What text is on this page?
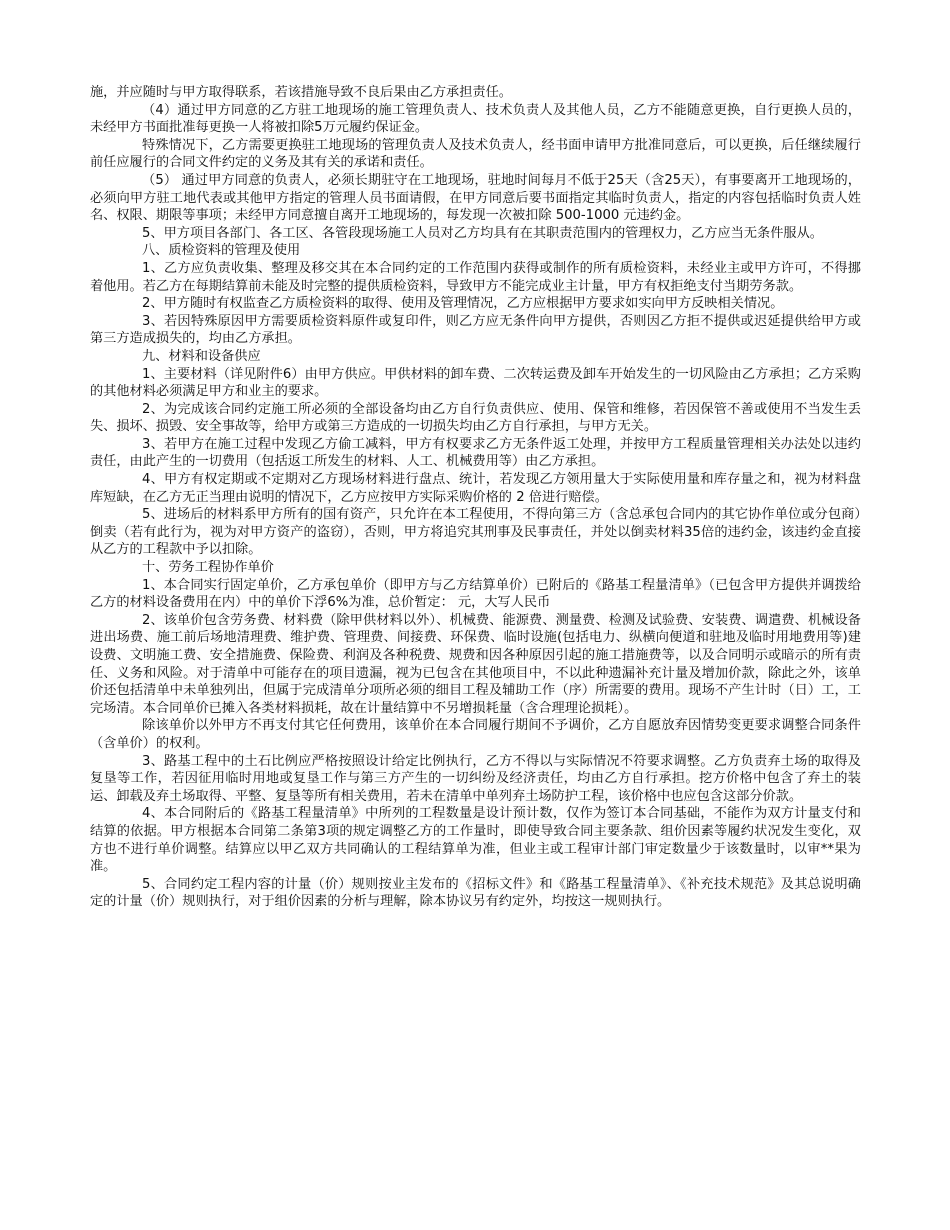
施，并应随时与甲方取得联系，若该措施导致不良后果由乙方承担责任。

（4）通过甲方同意的乙方驻工地现场的施工管理负责人、技术负责人及其他人员，乙方不能随意更换，自行更换人员的，未经甲方书面批准每更换一人将被扣除5万元履约保证金。

特殊情况下，乙方需要更换驻工地现场的管理负责人及技术负责人，经书面申请甲方批准同意后，可以更换，后任继续履行前任应履行的合同文件约定的义务及其有关的承诺和责任。

（5） 通过甲方同意的负责人，必须长期驻守在工地现场，驻地时间每月不低于25天（含25天），有事要离开工地现场的，必须向甲方驻工地代表或其他甲方指定的管理人员书面请假，在甲方同意后要书面指定其临时负责人，指定的内容包括临时负责人姓名、权限、期限等事项；未经甲方同意擅自离开工地现场的，每发现一次被扣除 500-1000 元违约金。

5、甲方项目各部门、各工区、各管段现场施工人员对乙方均具有在其职责范围内的管理权力，乙方应当无条件服从。

八、质检资料的管理及使用

1、乙方应负责收集、整理及移交其在本合同约定的工作范围内获得或制作的所有质检资料，未经业主或甲方许可，不得挪着他用。若乙方在每期结算前未能及时完整的提供质检资料，导致甲方不能完成业主计量，甲方有权拒绝支付当期劳务款。

2、甲方随时有权监查乙方质检资料的取得、使用及管理情况，乙方应根据甲方要求如实向甲方反映相关情况。

3、若因特殊原因甲方需要质检资料原件或复印件，则乙方应无条件向甲方提供，否则因乙方拒不提供或迟延提供给甲方或第三方造成损失的，均由乙方承担。

九、材料和设备供应

1、主要材料（详见附件6）由甲方供应。甲供材料的卸车费、二次转运费及卸车开始发生的一切风险由乙方承担；乙方采购的其他材料必须满足甲方和业主的要求。

2、为完成该合同约定施工所必须的全部设备均由乙方自行负责供应、使用、保管和维修，若因保管不善或使用不当发生丢失、损坏、损毁、安全事故等，给甲方或第三方造成的一切损失均由乙方自行承担，与甲方无关。

3、若甲方在施工过程中发现乙方偷工减料，甲方有权要求乙方无条件返工处理，并按甲方工程质量管理相关办法处以违约责任，由此产生的一切费用（包括返工所发生的材料、人工、机械费用等）由乙方承担。

4、甲方有权定期或不定期对乙方现场材料进行盘点、统计，若发现乙方领用量大于实际使用量和库存量之和，视为材料盘库短缺，在乙方无正当理由说明的情况下，乙方应按甲方实际采购价格的 2 倍进行赔偿。

5、进场后的材料系甲方所有的国有资产，只允许在本工程使用，不得向第三方（含总承包合同内的其它协作单位或分包商）倒卖（若有此行为，视为对甲方资产的盗窃），否则，甲方将追究其刑事及民事责任，并处以倒卖材料35倍的违约金，该违约金直接从乙方的工程款中予以扣除。

十、劳务工程协作单价

1、本合同实行固定单价，乙方承包单价（即甲方与乙方结算单价）已附后的《路基工程量清单》（已包含甲方提供并调拨给乙方的材料设备费用在内）中的单价下浮6%为准，总价暂定： 元，大写人民币

2、该单价包含劳务费、材料费（除甲供材料以外）、机械费、能源费、测量费、检测及试验费、安装费、调遣费、机械设备进出场费、施工前后场地清理费、维护费、管理费、间接费、环保费、临时设施(包括电力、纵横向便道和驻地及临时用地费用等)建设费、文明施工费、安全措施费、保险费、利润及各种税费、规费和因各种原因引起的施工措施费等，以及合同明示或暗示的所有责任、义务和风险。对于清单中可能存在的项目遗漏，视为已包含在其他项目中，不以此种遗漏补充计量及增加价款，除此之外，该单价还包括清单中未单独列出，但属于完成清单分项所必须的细目工程及辅助工作（序）所需要的费用。现场不产生计时（日）工，工完场清。本合同单价已摊入各类材料损耗，故在计量结算中不另增损耗量（含合理理论损耗）。

除该单价以外甲方不再支付其它任何费用，该单价在本合同履行期间不予调价，乙方自愿放弃因情势变更要求调整合同条件（含单价）的权利。

3、路基工程中的土石比例应严格按照设计给定比例执行，乙方不得以与实际情况不符要求调整。乙方负责弃土场的取得及复垦等工作，若因征用临时用地或复垦工作与第三方产生的一切纠纷及经济责任，均由乙方自行承担。挖方价格中包含了弃土的装运、卸载及弃土场取得、平整、复垦等所有相关费用，若未在清单中单列弃土场防护工程，该价格中也应包含这部分价款。

4、本合同附后的《路基工程量清单》中所列的工程数量是设计预计数，仅作为签订本合同基础，不能作为双方计量支付和结算的依据。甲方根据本合同第二条第3项的规定调整乙方的工作量时，即使导致合同主要条款、组价因素等履约状况发生变化，双方也不进行单价调整。结算应以甲乙双方共同确认的工程结算单为准，但业主或工程审计部门审定数量少于该数量时，以审**果为准。

5、合同约定工程内容的计量（价）规则按业主发布的《招标文件》和《路基工程量清单》、《补充技术规范》及其总说明确定的计量（价）规则执行，对于组价因素的分析与理解，除本协议另有约定外，均按这一规则执行。
